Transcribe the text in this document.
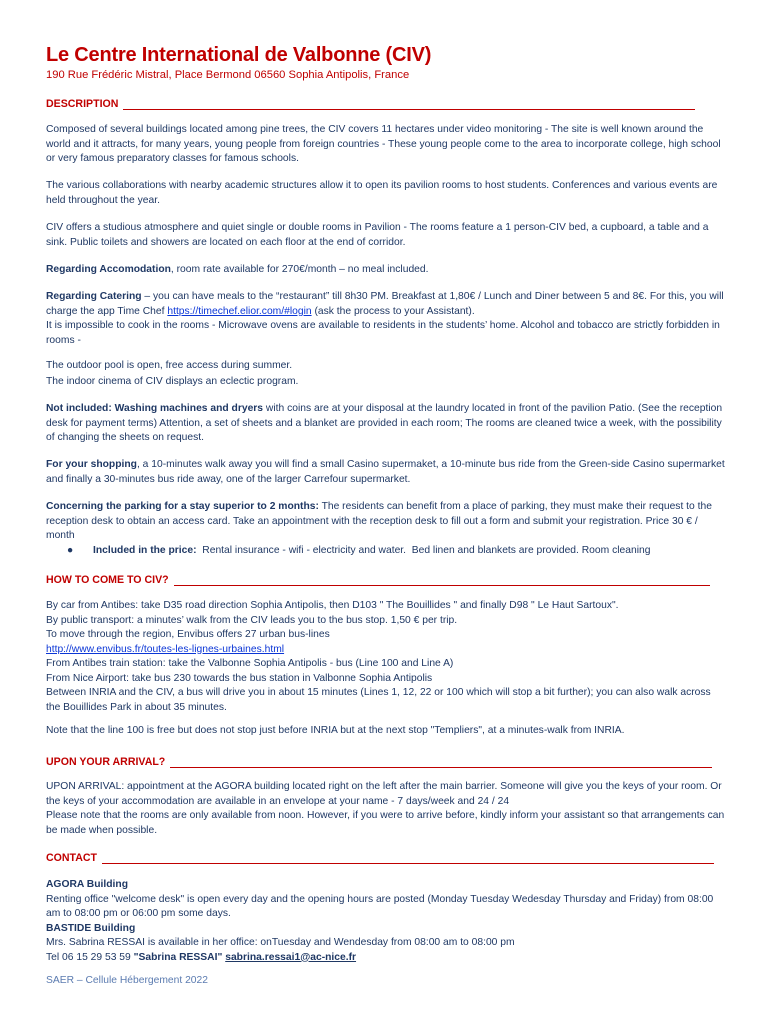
Le Centre International de Valbonne (CIV)
190 Rue Frédéric Mistral, Place Bermond 06560 Sophia Antipolis, France
DESCRIPTION
Composed of several buildings located among pine trees, the CIV covers 11 hectares under video monitoring - The site is well known around the world and it attracts, for many years, young people from foreign countries - These young people come to the area to incorporate college, high school or very famous preparatory classes for famous schools.
The various collaborations with nearby academic structures allow it to open its pavilion rooms to host students. Conferences and various events are held throughout the year.
CIV offers a studious atmosphere and quiet single or double rooms in Pavilion - The rooms feature a 1 person-CIV bed, a cupboard, a table and a sink. Public toilets and showers are located on each floor at the end of corridor.
Regarding Accomodation, room rate available for 270€/month – no meal included.
Regarding Catering – you can have meals to the “restaurant” till 8h30 PM. Breakfast at 1,80€ / Lunch and Diner between 5 and 8€. For this, you will charge the app Time Chef https://timechef.elior.com/#login (ask the process to your Assistant).
It is impossible to cook in the rooms - Microwave ovens are available to residents in the students’ home. Alcohol and tobacco are strictly forbidden in rooms -
The outdoor pool is open, free access during summer.
The indoor cinema of CIV displays an eclectic program.
Not included: Washing machines and dryers with coins are at your disposal at the laundry located in front of the pavilion Patio. (See the reception desk for payment terms) Attention, a set of sheets and a blanket are provided in each room; The rooms are cleaned twice a week, with the possibility of changing the sheets on request.
For your shopping, a 10-minutes walk away you will find a small Casino supermaket, a 10-minute bus ride from the Green-side Casino supermarket and finally a 30-minutes bus ride away, one of the larger Carrefour supermarket.
Concerning the parking for a stay superior to 2 months: The residents can benefit from a place of parking, they must make their request to the reception desk to obtain an access card. Take an appointment with the reception desk to fill out a form and submit your registration. Price 30 € / month
● Included in the price:  Rental insurance - wifi - electricity and water.  Bed linen and blankets are provided. Room cleaning
HOW TO COME TO CIV?
By car from Antibes: take D35 road direction Sophia Antipolis, then D103 " The Bouillides " and finally D98 " Le Haut Sartoux".
By public transport: a minutes’ walk from the CIV leads you to the bus stop. 1,50 € per trip.
To move through the region, Envibus offers 27 urban bus-lines
http://www.envibus.fr/toutes-les-lignes-urbaines.html
From Antibes train station: take the Valbonne Sophia Antipolis - bus (Line 100 and Line A)
From Nice Airport: take bus 230 towards the bus station in Valbonne Sophia Antipolis
Between INRIA and the CIV, a bus will drive you in about 15 minutes (Lines 1, 12, 22 or 100 which will stop a bit further); you can also walk across the Bouillides Park in about 35 minutes.
Note that the line 100 is free but does not stop just before INRIA but at the next stop "Templiers", at a minutes-walk from INRIA.
UPON YOUR ARRIVAL?
UPON ARRIVAL: appointment at the AGORA building located right on the left after the main barrier. Someone will give you the keys of your room. Or the keys of your accommodation are available in an envelope at your name - 7 days/week and 24 / 24
Please note that the rooms are only available from noon. However, if you were to arrive before, kindly inform your assistant so that arrangements can be made when possible.
CONTACT
AGORA Building
Renting office "welcome desk" is open every day and the opening hours are posted (Monday Tuesday Wedesday Thursday and Friday) from 08:00 am to 08:00 pm or 06:00 pm some days.
BASTIDE Building
Mrs. Sabrina RESSAI is available in her office: onTuesday and Wendesday from 08:00 am to 08:00 pm
Tel 06 15 29 53 59 "Sabrina RESSAI" sabrina.ressai1@ac-nice.fr
SAER – Cellule Hébergement 2022
